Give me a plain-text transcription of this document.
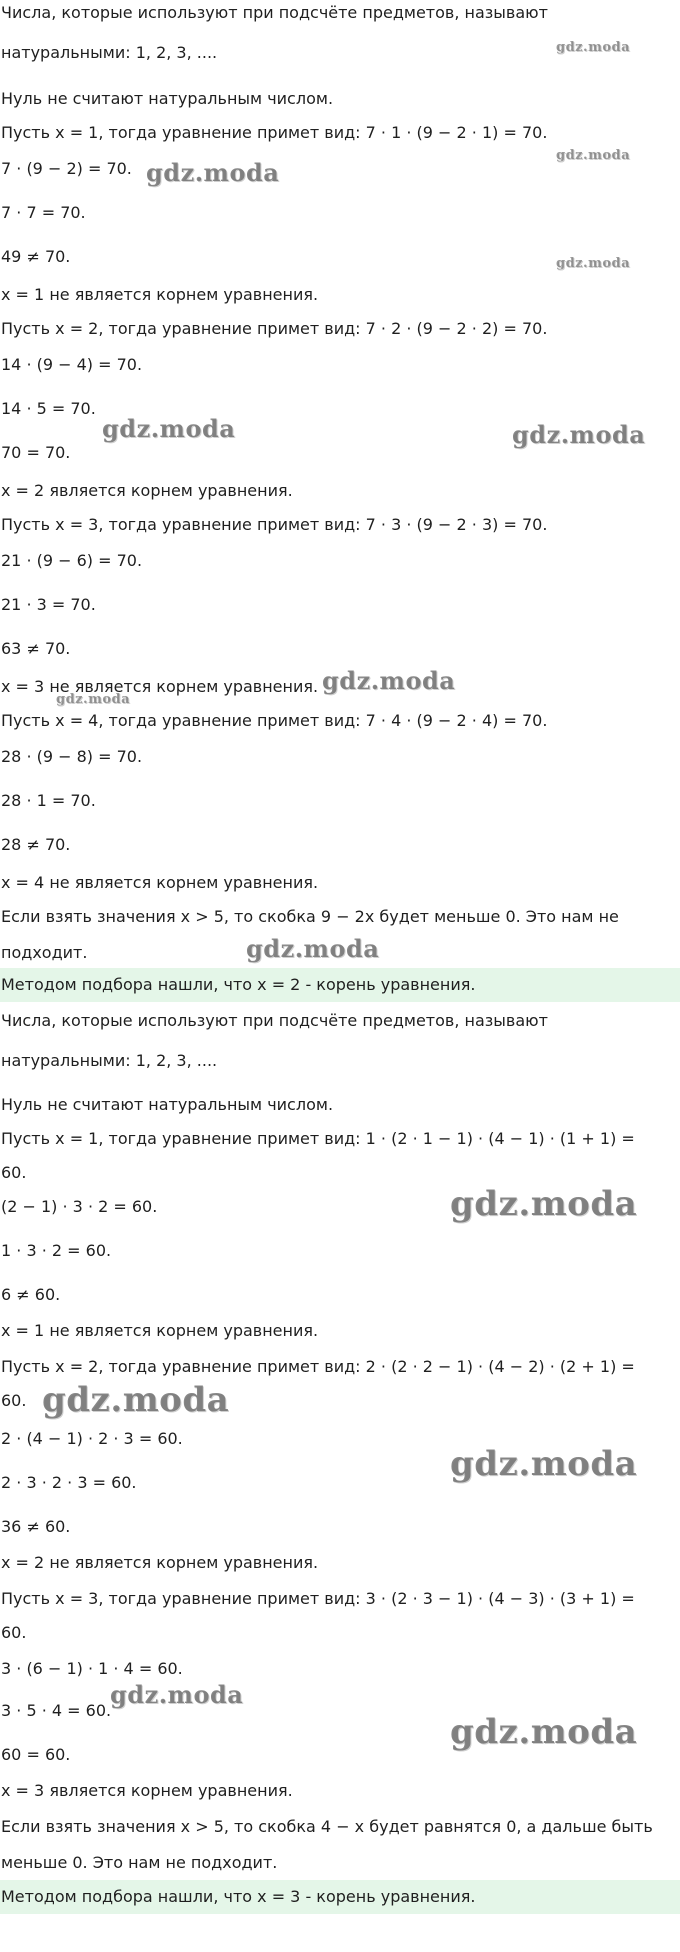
Числа, которые используют при подсчёте предметов, называют
натуральными: 1, 2, 3, ....
Нуль не считают натуральным числом.
Пусть x = 1, тогда уравнение примет вид: 7 · 1 · (9 − 2 · 1) = 70.
7 · (9 − 2) = 70.
7 · 7 = 70.
49 ≠ 70.
x = 1 не является корнем уравнения.
Пусть x = 2, тогда уравнение примет вид: 7 · 2 · (9 − 2 · 2) = 70.
14 · (9 − 4) = 70.
14 · 5 = 70.
70 = 70.
x = 2 является корнем уравнения.
Пусть x = 3, тогда уравнение примет вид: 7 · 3 · (9 − 2 · 3) = 70.
21 · (9 − 6) = 70.
21 · 3 = 70.
63 ≠ 70.
x = 3 не является корнем уравнения.
Пусть x = 4, тогда уравнение примет вид: 7 · 4 · (9 − 2 · 4) = 70.
28 · (9 − 8) = 70.
28 · 1 = 70.
28 ≠ 70.
x = 4 не является корнем уравнения.
Если взять значения x > 5, то скобка 9 − 2x будет меньше 0. Это нам не
подходит.
Методом подбора нашли, что x = 2 - корень уравнения.
Числа, которые используют при подсчёте предметов, называют
натуральными: 1, 2, 3, ....
Нуль не считают натуральным числом.
Пусть x = 1, тогда уравнение примет вид: 1 · (2 · 1 − 1) · (4 − 1) · (1 + 1) =
60.
(2 − 1) · 3 · 2 = 60.
1 · 3 · 2 = 60.
6 ≠ 60.
x = 1 не является корнем уравнения.
Пусть x = 2, тогда уравнение примет вид: 2 · (2 · 2 − 1) · (4 − 2) · (2 + 1) =
60.
2 · (4 − 1) · 2 · 3 = 60.
2 · 3 · 2 · 3 = 60.
36 ≠ 60.
x = 2 не является корнем уравнения.
Пусть x = 3, тогда уравнение примет вид: 3 · (2 · 3 − 1) · (4 − 3) · (3 + 1) =
60.
3 · (6 − 1) · 1 · 4 = 60.
3 · 5 · 4 = 60.
60 = 60.
x = 3 является корнем уравнения.
Если взять значения x > 5, то скобка 4 − x будет равнятся 0, а дальше быть
меньше 0. Это нам не подходит.
Методом подбора нашли, что x = 3 - корень уравнения.
gdz.moda
gdz.moda
gdz.moda
gdz.moda
gdz.moda	gdz.moda
gdz.moda
gdz.moda
gdz.moda
gdz.moda
gdz.moda
gdz.moda
gdz.moda
gdz.moda
